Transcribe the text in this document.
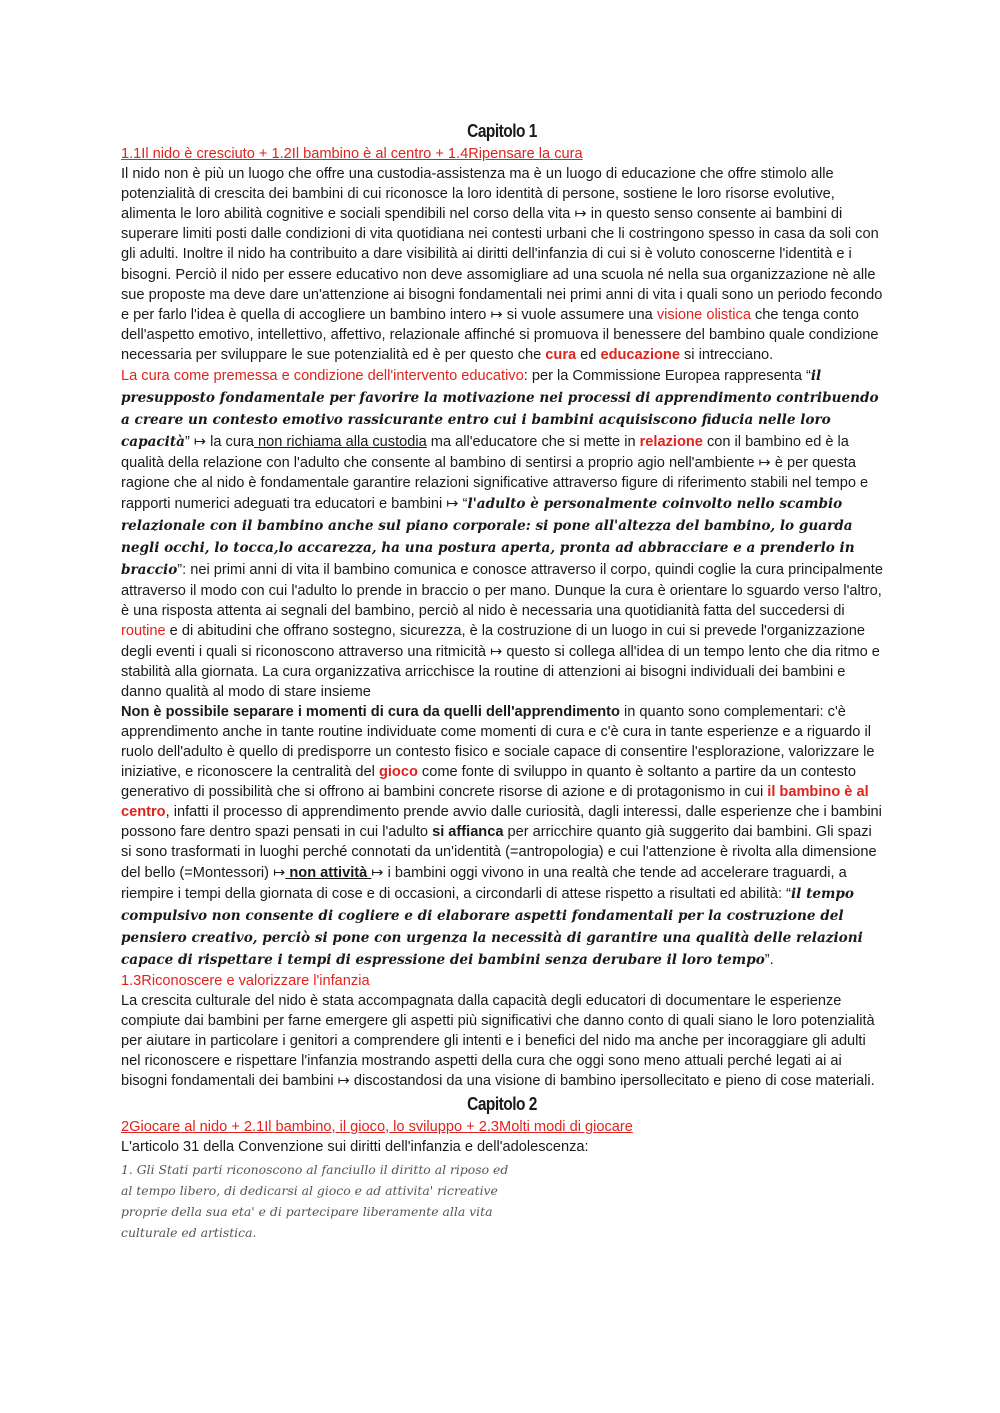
Capitolo 1

1.1Il nido è cresciuto + 1.2Il bambino è al centro + 1.4Ripensare la cura

Il nido non è più un luogo che offre una custodia-assistenza ma è un luogo di educazione che offre stimolo alle potenzialità di crescita dei bambini di cui riconosce la loro identità di persone, sostiene le loro risorse evolutive, alimenta le loro abilità cognitive e sociali spendibili nel corso della vita ↦ in questo senso consente ai bambini di superare limiti posti dalle condizioni di vita quotidiana nei contesti urbani che li costringono spesso in casa da soli con gli adulti. Inoltre il nido ha contribuito a dare visibilità ai diritti dell'infanzia di cui si è voluto conoscerne l'identità e i bisogni. Perciò il nido per essere educativo non deve assomigliare ad una scuola né nella sua organizzazione nè alle sue proposte ma deve dare un'attenzione ai bisogni fondamentali nei primi anni di vita i quali sono un periodo fecondo e per farlo l'idea è quella di accogliere un bambino intero ↦ si vuole assumere una visione olistica che tenga conto dell'aspetto emotivo, intellettivo, affettivo, relazionale affinché si promuova il benessere del bambino quale condizione necessaria per sviluppare le sue potenzialità ed è per questo che cura ed educazione si intrecciano.

La cura come premessa e condizione dell'intervento educativo: per la Commissione Europea rappresenta “il presupposto fondamentale per favorire la motivazione nei processi di apprendimento contribuendo a creare un contesto emotivo rassicurante entro cui i bambini acquisiscono fiducia nelle loro capacità” ↦ la cura non richiama alla custodia ma all'educatore che si mette in relazione con il bambino ed è la qualità della relazione con l'adulto che consente al bambino di sentirsi a proprio agio nell'ambiente ↦ è per questa ragione che al nido è fondamentale garantire relazioni significative attraverso figure di riferimento stabili nel tempo e rapporti numerici adeguati tra educatori e bambini ↦ “l'adulto è personalmente coinvolto nello scambio relazionale con il bambino anche sul piano corporale: si pone all'altezza del bambino, lo guarda negli occhi, lo tocca,lo accarezza, ha una postura aperta, pronta ad abbracciare e a prenderlo in braccio”: nei primi anni di vita il bambino comunica e conosce attraverso il corpo, quindi coglie la cura principalmente attraverso il modo con cui l'adulto lo prende in braccio o per mano. Dunque la cura è orientare lo sguardo verso l'altro, è una risposta attenta ai segnali del bambino, perciò al nido è necessaria una quotidianità fatta del succedersi di routine e di abitudini che offrano sostegno, sicurezza, è la costruzione di un luogo in cui si prevede l'organizzazione degli eventi i quali si riconoscono attraverso una ritmicità ↦ questo si collega all'idea di un tempo lento che dia ritmo e stabilità alla giornata. La cura organizzativa arricchisce la routine di attenzioni ai bisogni individuali dei bambini e danno qualità al modo di stare insieme

Non è possibile separare i momenti di cura da quelli dell'apprendimento in quanto sono complementari: c'è apprendimento anche in tante routine individuate come momenti di cura e c'è cura in tante esperienze e a riguardo il ruolo dell'adulto è quello di predisporre un contesto fisico e sociale capace di consentire l'esplorazione, valorizzare le iniziative, e riconoscere la centralità del gioco come fonte di sviluppo in quanto è soltanto a partire da un contesto generativo di possibilità che si offrono ai bambini concrete risorse di azione e di protagonismo in cui il bambino è al centro, infatti il processo di apprendimento prende avvio dalle curiosità, dagli interessi, dalle esperienze che i bambini possono fare dentro spazi pensati in cui l'adulto si affianca per arricchire quanto già suggerito dai bambini. Gli spazi si sono trasformati in luoghi perché connotati da un'identità (=antropologia) e cui l'attenzione è rivolta alla dimensione del bello (=Montessori) ↦ non attività ↦ i bambini oggi vivono in una realtà che tende ad accelerare traguardi, a riempire i tempi della giornata di cose e di occasioni, a circondarli di attese rispetto a risultati ed abilità: “il tempo compulsivo non consente di cogliere e di elaborare aspetti fondamentali per la costruzione del pensiero creativo, perciò si pone con urgenza la necessità di garantire una qualità delle relazioni capace di rispettare i tempi di espressione dei bambini senza derubare il loro tempo”.

1.3Riconoscere e valorizzare l'infanzia

La crescita culturale del nido è stata accompagnata dalla capacità degli educatori di documentare le esperienze compiute dai bambini per farne emergere gli aspetti più significativi che danno conto di quali siano le loro potenzialità per aiutare in particolare i genitori a comprendere gli intenti e i benefici del nido ma anche per incoraggiare gli adulti nel riconoscere e rispettare l'infanzia mostrando aspetti della cura che oggi sono meno attuali perché legati ai ai bisogni fondamentali dei bambini ↦ discostandosi da una visione di bambino ipersollecitato e pieno di cose materiali.

Capitolo 2

2Giocare al nido + 2.1Il bambino, il gioco, lo sviluppo + 2.3Molti modi di giocare

L'articolo 31 della Convenzione sui diritti dell'infanzia e dell'adolescenza:

1. Gli Stati parti riconoscono al fanciullo il diritto al riposo ed al tempo libero, di dedicarsi al gioco e ad attivita' ricreative proprie della sua eta' e di partecipare liberamente alla vita culturale ed artistica.
